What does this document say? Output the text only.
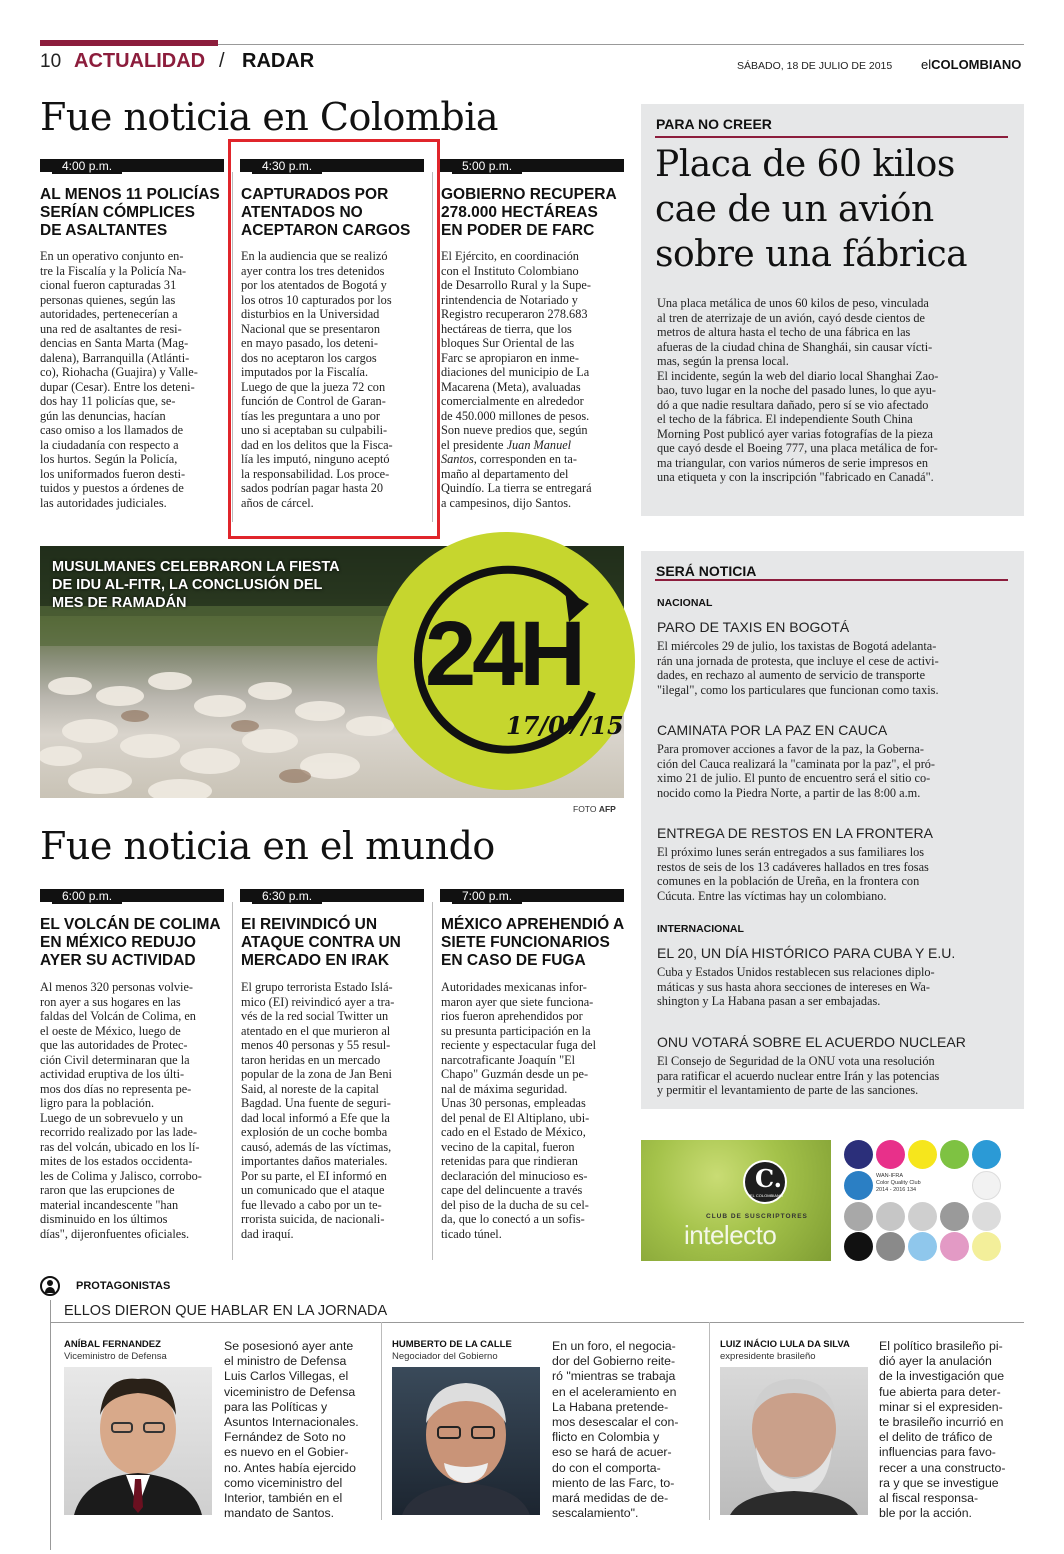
10 ACTUALIDAD / RADAR	SÁBADO, 18 DE JULIO DE 2015 elCOLOMBIANO
Fue noticia en Colombia
4:00 p.m.	4:30 p.m.	5:00 p.m.
AL MENOS 11 POLICÍAS
SERÍAN CÓMPLICES
DE ASALTANTES
En un operativo conjunto en-
tre la Fiscalía y la Policía Na-
cional fueron capturadas 31
personas quienes, según las
autoridades, pertenecerían a
una red de asaltantes de resi-
dencias en Santa Marta (Mag-
dalena), Barranquilla (Atlánti-
co), Riohacha (Guajira) y Valle-
dupar (Cesar). Entre los deteni-
dos hay 11 policías que, se-
gún las denuncias, hacían
caso omiso a los llamados de
la ciudadanía con respecto a
los hurtos. Según la Policía,
los uniformados fueron desti-
tuidos y puestos a órdenes de
las autoridades judiciales.
CAPTURADOS POR
ATENTADOS NO
ACEPTARON CARGOS
En la audiencia que se realizó
ayer contra los tres detenidos
por los atentados de Bogotá y
los otros 10 capturados por los
disturbios en la Universidad
Nacional que se presentaron
en mayo pasado, los deteni-
dos no aceptaron los cargos
imputados por la Fiscalía.
Luego de que la jueza 72 con
función de Control de Garan-
tías les preguntara a uno por
uno si aceptaban su culpabili-
dad en los delitos que la Fisca-
lía les imputó, ninguno aceptó
la responsabilidad. Los proce-
sados podrían pagar hasta 20
años de cárcel.
GOBIERNO RECUPERA
278.000 HECTÁREAS
EN PODER DE FARC
El Ejército, en coordinación
con el Instituto Colombiano
de Desarrollo Rural y la Supe-
rintendencia de Notariado y
Registro recuperaron 278.683
hectáreas de tierra, que los
bloques Sur Oriental de las
Farc se apropiaron en inme-
diaciones del municipio de La
Macarena (Meta), avaluadas
comercialmente en alrededor
de 450.000 millones de pesos.
Son nueve predios que, según
el presidente Juan Manuel
Santos, corresponden en ta-
maño al departamento del
Quindío. La tierra se entregará
a campesinos, dijo Santos.
MUSULMANES CELEBRARON LA FIESTA
DE IDU AL-FITR, LA CONCLUSIÓN DEL
MES DE RAMADÁN	24H
17/07/15
FOTO AFP
Fue noticia en el mundo
6:00 p.m.	6:30 p.m.	7:00 p.m.
EL VOLCÁN DE COLIMA
EN MÉXICO REDUJO
AYER SU ACTIVIDAD
Al menos 320 personas volvie-
ron ayer a sus hogares en las
faldas del Volcán de Colima, en
el oeste de México, luego de
que las autoridades de Protec-
ción Civil determinaran que la
actividad eruptiva de los últi-
mos dos días no representa pe-
ligro para la población.
Luego de un sobrevuelo y un
recorrido realizado por las lade-
ras del volcán, ubicado en los lí-
mites de los estados occidenta-
les de Colima y Jalisco, corrobo-
raron que las erupciones de
material incandescente "han
disminuido en los últimos
días", dijeronfuentes oficiales.
EI REIVINDICÓ UN
ATAQUE CONTRA UN
MERCADO EN IRAK
El grupo terrorista Estado Islá-
mico (EI) reivindicó ayer a tra-
vés de la red social Twitter un
atentado en el que murieron al
menos 40 personas y 55 resul-
taron heridas en un mercado
popular de la zona de Jan Beni
Said, al noreste de la capital
Bagdad. Una fuente de seguri-
dad local informó a Efe que la
explosión de un coche bomba
causó, además de las víctimas,
importantes daños materiales.
Por su parte, el EI informó en
un comunicado que el ataque
fue llevado a cabo por un te-
rrorista suicida, de nacionali-
dad iraquí.
MÉXICO APREHENDIÓ A
SIETE FUNCIONARIOS
EN CASO DE FUGA
Autoridades mexicanas infor-
maron ayer que siete funciona-
rios fueron aprehendidos por
su presunta participación en la
reciente y espectacular fuga del
narcotraficante Joaquín "El
Chapo" Guzmán desde un pe-
nal de máxima seguridad.
Unas 30 personas, empleadas
del penal de El Altiplano, ubi-
cado en el Estado de México,
vecino de la capital, fueron
retenidas para que rindieran
declaración del minucioso es-
cape del delincuente a través
del piso de la ducha de su cel-
da, que lo conectó a un sofis-
ticado túnel.
PARA NO CREER
Placa de 60 kilos
cae de un avión
sobre una fábrica
Una placa metálica de unos 60 kilos de peso, vinculada
al tren de aterrizaje de un avión, cayó desde cientos de
metros de altura hasta el techo de una fábrica en las
afueras de la ciudad china de Shanghái, sin causar vícti-
mas, según la prensa local.
El incidente, según la web del diario local Shanghai Zao-
bao, tuvo lugar en la noche del pasado lunes, lo que ayu-
dó a que nadie resultara dañado, pero sí se vio afectado
el techo de la fábrica. El independiente South China
Morning Post publicó ayer varias fotografías de la pieza
que cayó desde el Boeing 777, una placa metálica de for-
ma triangular, con varios números de serie impresos en
una etiqueta y con la inscripción "fabricado en Canadá".
SERÁ NOTICIA
NACIONAL
PARO DE TAXIS EN BOGOTÁ
El miércoles 29 de julio, los taxistas de Bogotá adelanta-
rán una jornada de protesta, que incluye el cese de activi-
dades, en rechazo al aumento de servicio de transporte
"ilegal", como los particulares que funcionan como taxis.
CAMINATA POR LA PAZ EN CAUCA
Para promover acciones a favor de la paz, la Goberna-
ción del Cauca realizará la "caminata por la paz", el pró-
ximo 21 de julio. El punto de encuentro será el sitio co-
nocido como la Piedra Norte, a partir de las 8:00 a.m.
ENTREGA DE RESTOS EN LA FRONTERA
El próximo lunes serán entregados a sus familiares los
restos de seis de los 13 cadáveres hallados en tres fosas
comunes en la población de Ureña, en la frontera con
Cúcuta. Entre las víctimas hay un colombiano.
INTERNACIONAL
EL 20, UN DÍA HISTÓRICO PARA CUBA Y E.U.
Cuba y Estados Unidos restablecen sus relaciones diplo-
máticas y sus hasta ahora secciones de intereses en Wa-
shington y La Habana pasan a ser embajadas.
ONU VOTARÁ SOBRE EL ACUERDO NUCLEAR
El Consejo de Seguridad de la ONU vota una resolución
para ratificar el acuerdo nuclear entre Irán y las potencias
y permitir el levantamiento de parte de las sanciones.
C.
EL COLOMBIANO
CLUB DE SUSCRIPTORES
intelecto
WAN-IFRA
Color Quality Club
2014 - 2016 134
PROTAGONISTAS
ELLOS DIERON QUE HABLAR EN LA JORNADA
ANÍBAL FERNANDEZ
Viceministro de Defensa
Se posesionó ayer ante
el ministro de Defensa
Luis Carlos Villegas, el
viceministro de Defensa
para las Políticas y
Asuntos Internacionales.
Fernández de Soto no
es nuevo en el Gobier-
no. Antes había ejercido
como viceministro del
Interior, también en el
mandato de Santos.
HUMBERTO DE LA CALLE
Negociador del Gobierno
En un foro, el negocia-
dor del Gobierno reite-
ró "mientras se trabaja
en el aceleramiento en
La Habana pretende-
mos desescalar el con-
flicto en Colombia y
eso se hará de acuer-
do con el comporta-
miento de las Farc, to-
mará medidas de de-
sescalamiento".
LUIZ INÁCIO LULA DA SILVA
expresidente brasileño
El político brasileño pi-
dió ayer la anulación
de la investigación que
fue abierta para deter-
minar si el expresiden-
te brasileño incurrió en
el delito de tráfico de
influencias para favo-
recer a una constructo-
ra y que se investigue
al fiscal responsa-
ble por la acción.
